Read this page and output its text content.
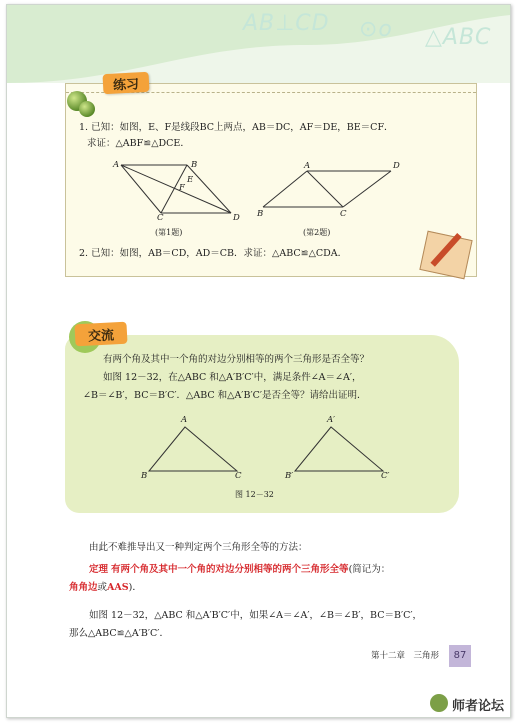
AB⊥CD ⊙o △ABC
练习
1. 已知：如图，E、F是线段BC上两点，AB＝DC，AF＝DE，BE＝CF．
求证：△ABF≌△DCE．
A	B
E
F
C	D
(第1题)
A	D
B	C
(第2题)
2. 已知：如图，AB＝CD，AD＝CB．求证：△ABC≌△CDA．
交流
有两个角及其中一个角的对边分别相等的两个三角形是否全等？
如图 12－32，在△ABC 和△A′B′C′中，满足条件∠A＝∠A′，
∠B＝∠B′，BC＝B′C′．△ABC 和△A′B′C′是否全等？请给出证明．
A
B	C
A′
B′	C′
图 12－32
由此不难推导出又一种判定两个三角形全等的方法：
定理 有两个角及其中一个角的对边分别相等的两个三角形全等(简记为：
角角边或AAS)．
如图 12－32，△ABC 和△A′B′C′中，如果∠A＝∠A′，∠B＝∠B′，BC＝B′C′，
那么△ABC≌△A′B′C′．
第十二章　三角形	87
师者论坛
